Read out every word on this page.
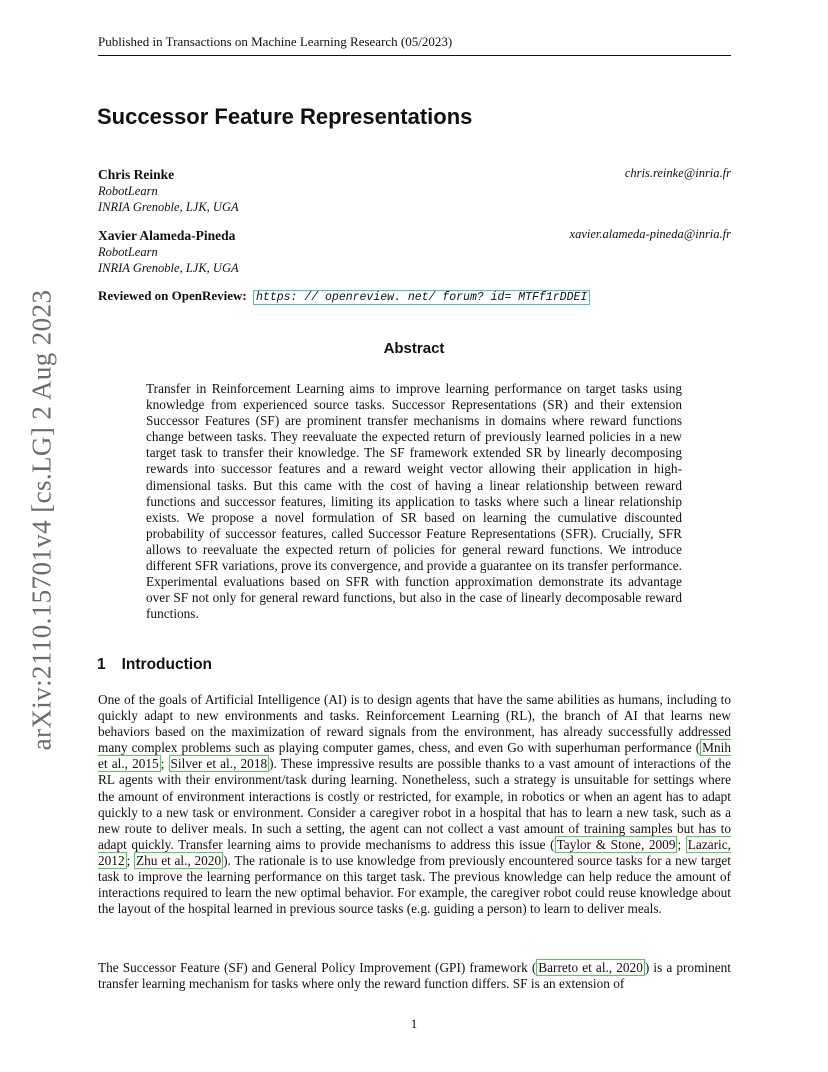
arXiv:2110.15701v4 [cs.LG] 2 Aug 2023
Published in Transactions on Machine Learning Research (05/2023)
Successor Feature Representations
Chris Reinke
RobotLearn
INRIA Grenoble, LJK, UGA
chris.reinke@inria.fr
Xavier Alameda-Pineda
RobotLearn
INRIA Grenoble, LJK, UGA
xavier.alameda-pineda@inria.fr
Reviewed on OpenReview: https: // openreview. net/ forum? id= MTFf1rDDEI
Abstract
Transfer in Reinforcement Learning aims to improve learning performance on target tasks using knowledge from experienced source tasks. Successor Representations (SR) and their extension Successor Features (SF) are prominent transfer mechanisms in domains where reward functions change between tasks. They reevaluate the expected return of previously learned policies in a new target task to transfer their knowledge. The SF framework extended SR by linearly decomposing rewards into successor features and a reward weight vector allowing their application in high-dimensional tasks. But this came with the cost of having a linear relationship between reward functions and successor features, limiting its application to tasks where such a linear relationship exists. We propose a novel formulation of SR based on learning the cumulative discounted probability of successor features, called Successor Feature Representations (SFR). Crucially, SFR allows to reevaluate the expected return of policies for general reward functions. We introduce different SFR variations, prove its convergence, and provide a guarantee on its transfer performance. Experimental evaluations based on SFR with function approximation demonstrate its advantage over SF not only for general reward functions, but also in the case of linearly decomposable reward functions.
1 Introduction
One of the goals of Artificial Intelligence (AI) is to design agents that have the same abilities as humans, including to quickly adapt to new environments and tasks. Reinforcement Learning (RL), the branch of AI that learns new behaviors based on the maximization of reward signals from the environment, has already successfully addressed many complex problems such as playing computer games, chess, and even Go with superhuman performance ( Mnih et al., 2015 ; Silver et al., 2018 ). These impressive results are possible thanks to a vast amount of interactions of the RL agents with their environment/task during learning. Nonetheless, such a strategy is unsuitable for settings where the amount of environment interactions is costly or restricted, for example, in robotics or when an agent has to adapt quickly to a new task or environment. Consider a caregiver robot in a hospital that has to learn a new task, such as a new route to deliver meals. In such a setting, the agent can not collect a vast amount of training samples but has to adapt quickly. Transfer learning aims to provide mechanisms to address this issue ( Taylor & Stone, 2009 ; Lazaric, 2012 ; Zhu et al., 2020 ). The rationale is to use knowledge from previously encountered source tasks for a new target task to improve the learning performance on this target task. The previous knowledge can help reduce the amount of interactions required to learn the new optimal behavior. For example, the caregiver robot could reuse knowledge about the layout of the hospital learned in previous source tasks (e.g. guiding a person) to learn to deliver meals.
The Successor Feature (SF) and General Policy Improvement (GPI) framework ( Barreto et al., 2020 ) is a prominent transfer learning mechanism for tasks where only the reward function differs. SF is an extension of
1
